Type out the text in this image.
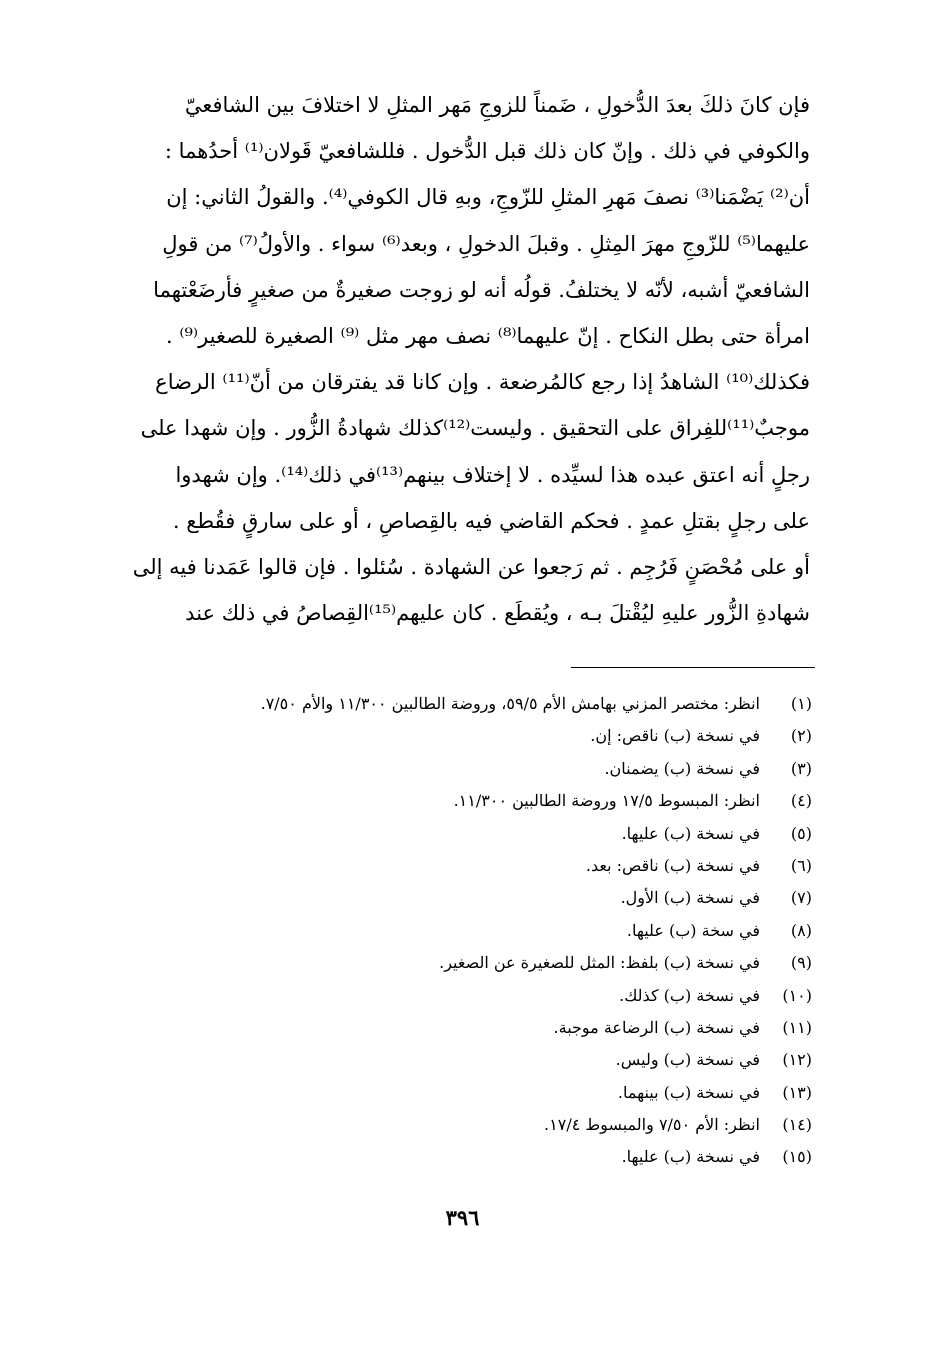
فإن كانَ ذلكَ بعدَ الدُّخولِ ، ضَمناً للزوجِ مَهر المثلِ لا اختلافَ بين الشافعيّ
والكوفي في ذلك . وإنّ كان ذلك قبل الدُّخول . فللشافعيّ قَولان⁽¹⁾ أحدُهما :
أن⁽²⁾ يَضْمَنا⁽³⁾ نصفَ مَهرِ المثلِ للزّوجِ، وبهِ قال الكوفي⁽⁴⁾. والقولُ الثاني: إن
عليهما⁽⁵⁾ للزّوجِ مهرَ المِثلِ . وقبلَ الدخولِ ، وبعد⁽⁶⁾ سواء . والأولُ⁽⁷⁾ من قولِ
الشافعيّ أشبه، لأنّه لا يختلفُ. قولُه أنه لو زوجت صغيرةٌ من صغيرٍ فأرضَعْتهما
امرأة حتى بطل النكاح . إنّ عليهما⁽⁸⁾ نصف مهر مثل ⁽⁹⁾ الصغيرة للصغير⁽⁹⁾ .
فكذلك⁽¹⁰⁾ الشاهدُ إذا رجع كالمُرضعة . وإن كانا قد يفترقان من أنّ⁽¹¹⁾ الرضاع
موجبٌ⁽¹¹⁾للفِراق على التحقيق . وليست⁽¹²⁾كذلك شهادةُ الزُّور . وإن شهدا على
رجلٍ أنه اعتق عبده هذا لسيِّده . لا إختلاف بينهم⁽¹³⁾في ذلك⁽¹⁴⁾. وإن شهدوا
على رجلٍ بقتلِ عمدٍ . فحكم القاضي فيه بالقِصاصِ ، أو على سارقٍ فقُطع .
أو على مُحْصَنٍ فَرُجِم . ثم رَجعوا عن الشهادة . سُئلوا . فإن قالوا عَمَدنا فيه إلى
شهادةِ الزُّور عليهِ ليُقْتلَ بـه ، ويُقطَع . كان عليهم⁽¹⁵⁾القِصاصُ في ذلك عند
(١)
انظر: مختصر المزني بهامش الأم ٥٩/٥، وروضة الطالبين ١١/٣٠٠ والأم ٧/٥٠.
(٢)
في نسخة (ب) ناقص: إن.
(٣)
في نسخة (ب) يضمنان.
(٤)
انظر: المبسوط ١٧/٥ وروضة الطالبين ١١/٣٠٠.
(٥)
في نسخة (ب) عليها.
(٦)
في نسخة (ب) ناقص: بعد.
(٧)
في نسخة (ب) الأول.
(٨)
في سخة (ب) عليها.
(٩)
في نسخة (ب) بلفظ: المثل للصغيرة عن الصغير.
(١٠)
في نسخة (ب) كذلك.
(١١)
في نسخة (ب) الرضاعة موجبة.
(١٢)
في نسخة (ب) وليس.
(١٣)
في نسخة (ب) بينهما.
(١٤)
انظر: الأم ٧/٥٠ والمبسوط ١٧/٤.
(١٥)
في نسخة (ب) عليها.
٣٩٦
